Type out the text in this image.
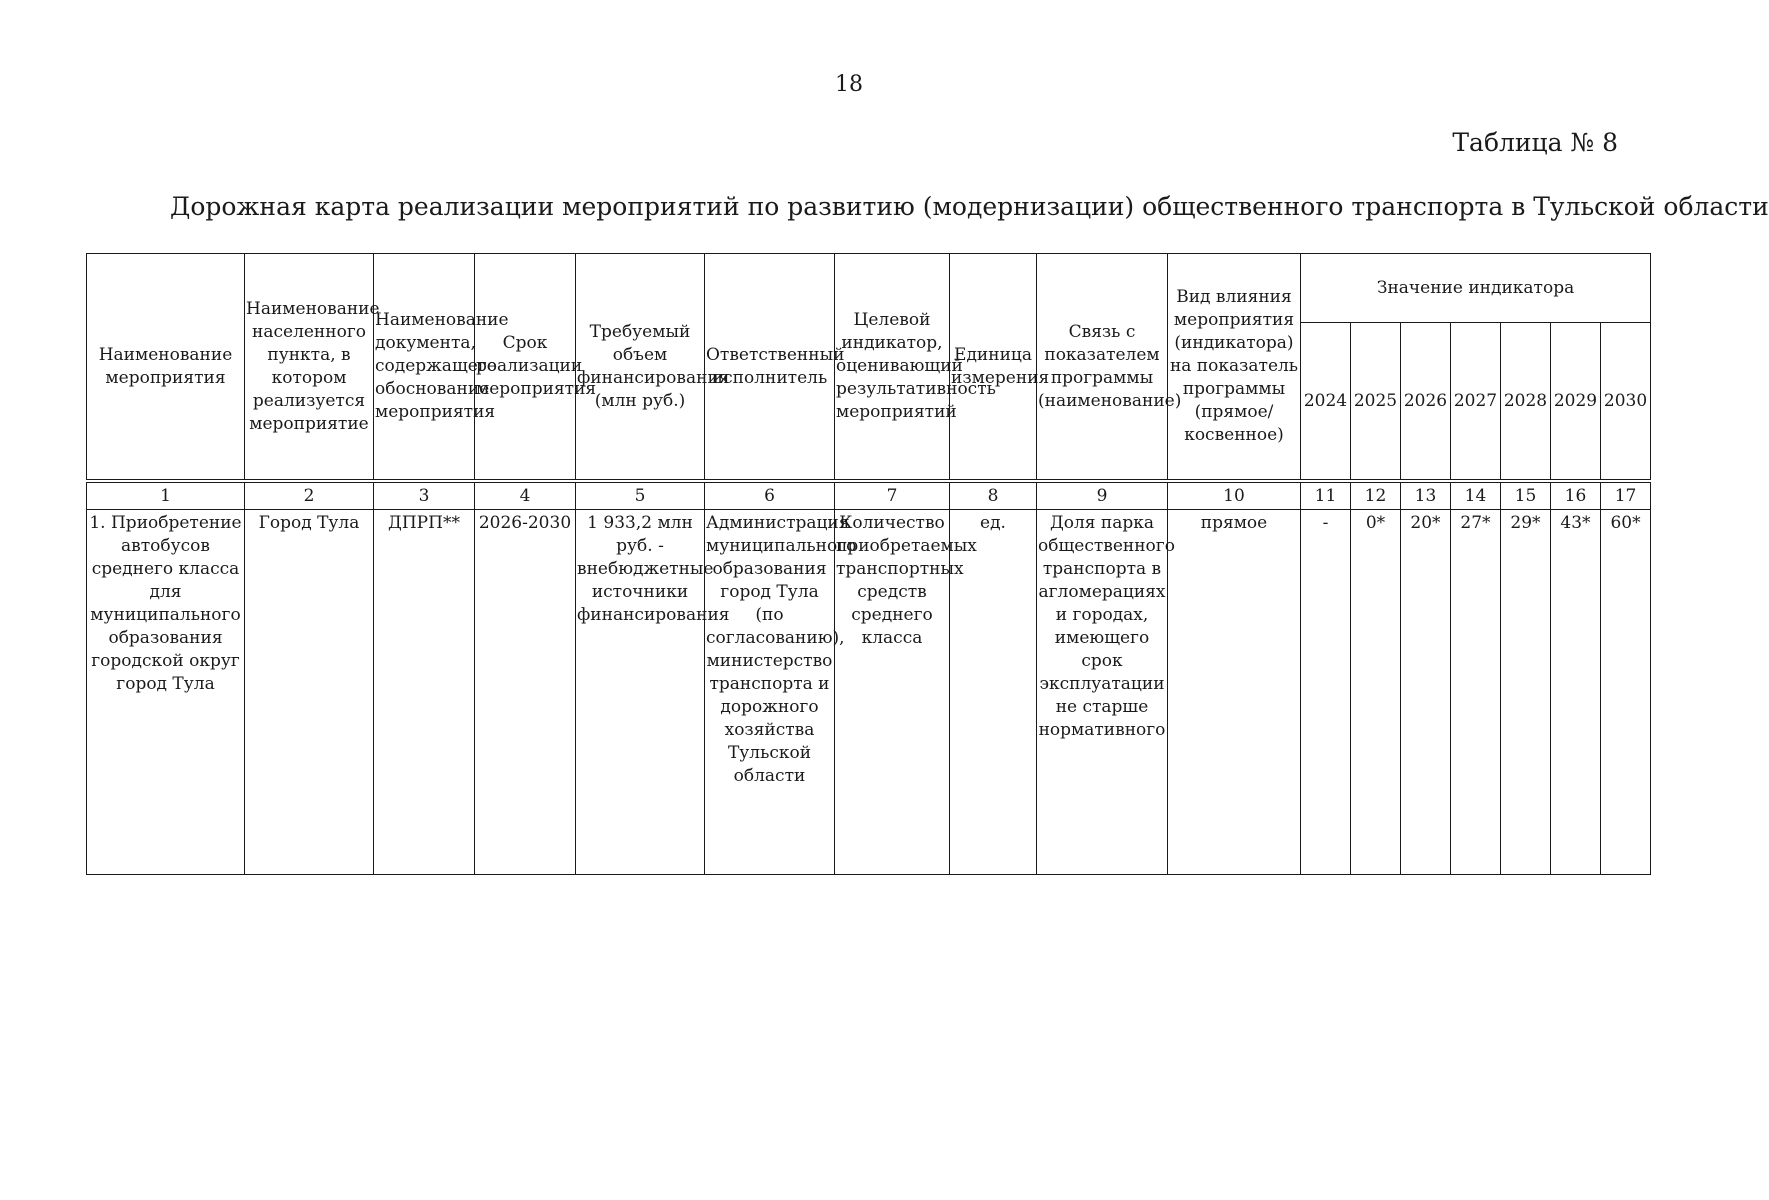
18
Таблица № 8
Дорожная карта реализации мероприятий по развитию (модернизации) общественного транспорта в Тульской области
Наименование мероприятия	Наименование населенного пункта, в котором реализуется мероприятие	Наименование документа, содержащего обоснование мероприятия	Срок реализации мероприятия	Требуемый объем финансирования (млн руб.)	Ответственный исполнитель	Целевой индикатор, оценивающий результативность мероприятий	Единица измерения	Связь с показателем программы (наименование)	Вид влияния мероприятия (индикатора) на показатель программы (прямое/ косвенное)	Значение индикатора						
										2024	2025	2026	2027	2028	2029	2030
1	2	3	4	5	6	7	8	9	10	11	12	13	14	15	16	17
1. Приобретение автобусов среднего класса для муниципального образования городской округ город Тула	Город Тула	ДПРП**	2026-2030	1 933,2 млн руб. - внебюджетные источники финансирования	Администрация муниципального образования город Тула (по согласованию), министерство транспорта и дорожного хозяйства Тульской области	Количество приобретаемых транспортных средств среднего класса	ед.	Доля парка общественного транспорта в агломерациях и городах, имеющего срок эксплуатации не старше нормативного	прямое	-	0*	20*	27*	29*	43*	60*
